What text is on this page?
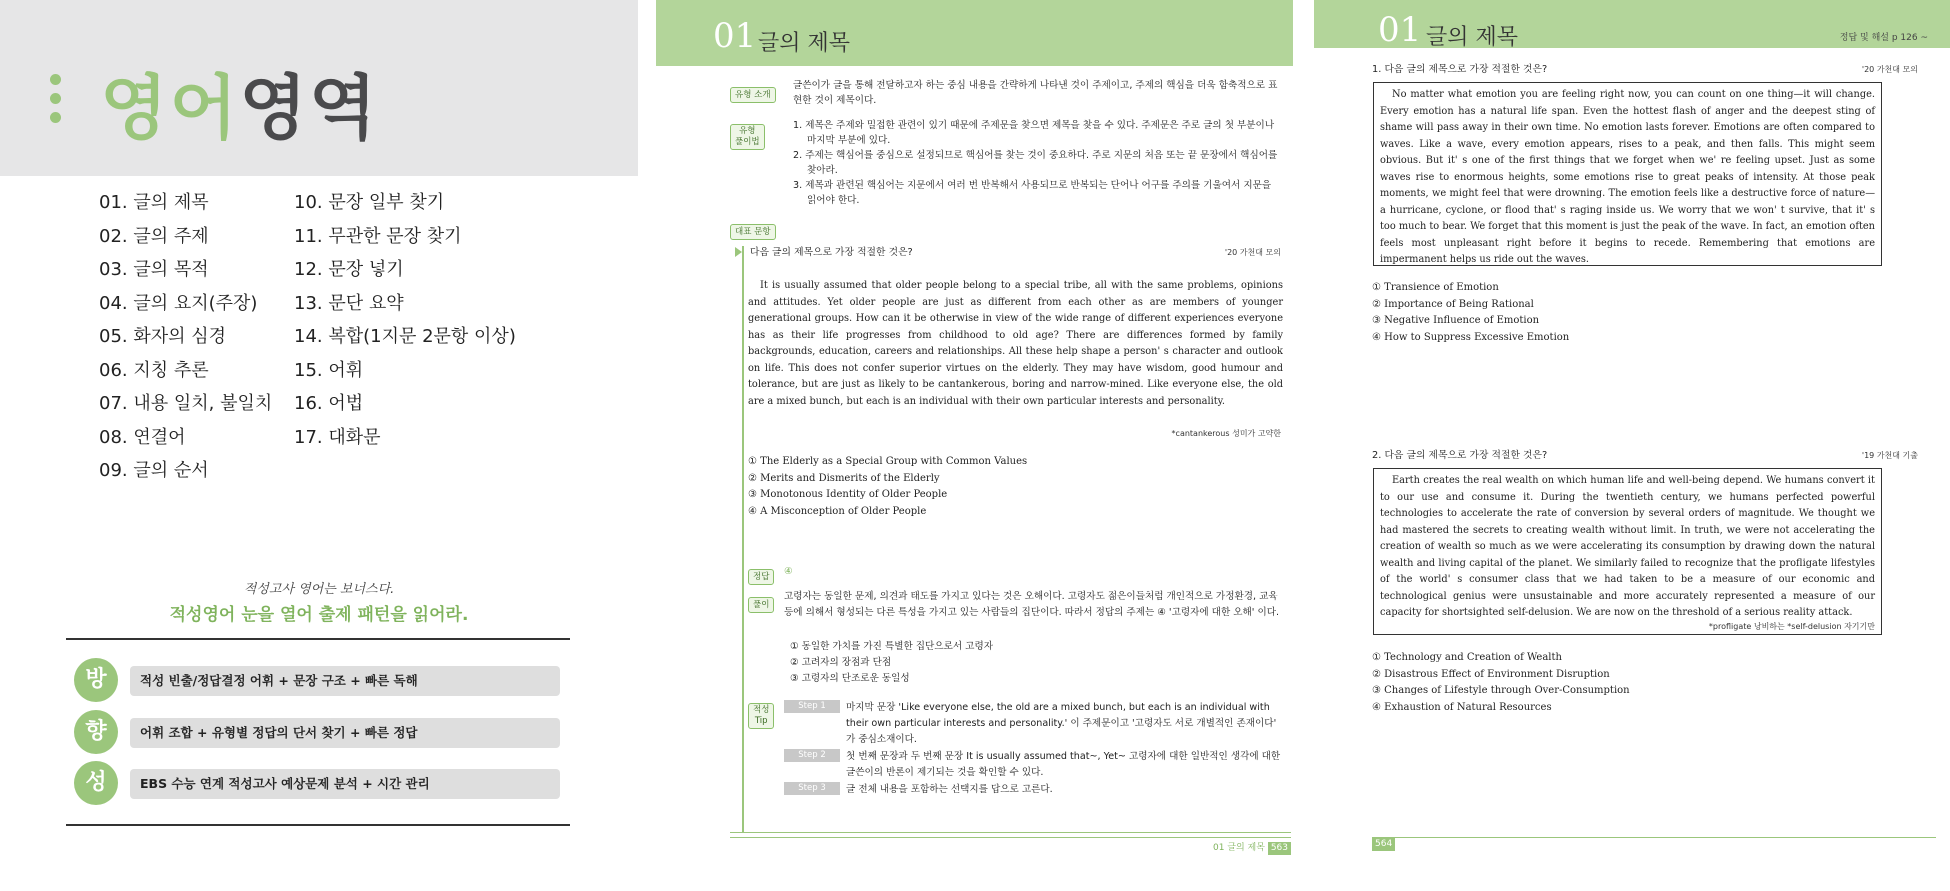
영어영역
01. 글의 제목
02. 글의 주제
03. 글의 목적
04. 글의 요지(주장)
05. 화자의 심경
06. 지칭 추론
07. 내용 일치, 불일치
08. 연결어
09. 글의 순서
10. 문장 일부 찾기
11. 무관한 문장 찾기
12. 문장 넣기
13. 문단 요약
14. 복합(1지문 2문항 이상)
15. 어휘
16. 어법
17. 대화문
적성고사 영어는 보너스다.
적성영어 눈을 열어 출제 패턴을 읽어라.
방	적성 빈출/정답결정 어휘 + 문장 구조 + 빠른 독해
향	어휘 조합 + 유형별 정답의 단서 찾기 + 빠른 정답
성	EBS 수능 연계 적성고사 예상문제 분석 + 시간 관리
01 글의 제목
유형 소개
글쓴이가 글을 통해 전달하고자 하는 중심 내용을 간략하게 나타낸 것이 주제이고, 주제의 핵심을 더욱 함축적으로 표현한 것이 제목이다.
유형
풀이법
1. 제목은 주제와 밀접한 관련이 있기 때문에 주제문을 찾으면 제목을 찾을 수 있다. 주제문은 주로 글의 첫 부분이나 마지막 부분에 있다.
2. 주제는 핵심어를 중심으로 설정되므로 핵심어를 찾는 것이 중요하다. 주로 지문의 처음 또는 끝 문장에서 핵심어를 찾아라.
3. 제목과 관련된 핵심어는 지문에서 여러 번 반복해서 사용되므로 반복되는 단어나 어구를 주의를 기울여서 지문을 읽어야 한다.
대표 문항
다음 글의 제목으로 가장 적절한 것은?	'20 가천대 모의
It is usually assumed that older people belong to a special tribe, all with the same problems, opinions and attitudes. Yet older people are just as different from each other as are members of younger generational groups. How can it be otherwise in view of the wide range of different experiences everyone has as their life progresses from childhood to old age? There are differences formed by family backgrounds, education, careers and relationships. All these help shape a person' s character and outlook on life. This does not confer superior virtues on the elderly. They may have wisdom, good humour and tolerance, but are just as likely to be cantankerous, boring and narrow-mined. Like everyone else, the old are a mixed bunch, but each is an individual with their own particular interests and personality.
*cantankerous 성미가 고약한
① The Elderly as a Special Group with Common Values
② Merits and Dismerits of the Elderly
③ Monotonous Identity of Older People
④ A Misconception of Older People
정답	④
풀이
고령자는 동일한 문제, 의견과 태도를 가지고 있다는 것은 오해이다. 고령자도 젊은이들처럼 개인적으로 가정환경, 교육 등에 의해서 형성되는 다른 특성을 가지고 있는 사람들의 집단이다. 따라서 정답의 주제는 ④ '고령자에 대한 오해' 이다.
① 동일한 가치를 가진 특별한 집단으로서 고령자
② 고려자의 장점과 단점
③ 고령자의 단조로운 동일성
적성
Tip
Step 1	마지막 문장 'Like everyone else, the old are a mixed bunch, but each is an individual with their own particular interests and personality.' 이 주제문이고 '고령자도 서로 개별적인 존재이다' 가 중심소재이다.
Step 2	첫 번째 문장과 두 번째 문장 It is usually assumed that~, Yet~ 고령자에 대한 일반적인 생각에 대한 글쓴이의 반론이 제기되는 것을 확인할 수 있다.
Step 3	글 전체 내용을 포함하는 선택지를 답으로 고른다.
01 글의 제목 563
01 글의 제목	정답 및 해설 p 126 ~
1. 다음 글의 제목으로 가장 적절한 것은?	'20 가천대 모의
No matter what emotion you are feeling right now, you can count on one thing—it will change. Every emotion has a natural life span. Even the hottest flash of anger and the deepest sting of shame will pass away in their own time. No emotion lasts forever. Emotions are often compared to waves. Like a wave, every emotion appears, rises to a peak, and then falls. This might seem obvious. But it' s one of the first things that we forget when we' re feeling upset. Just as some waves rise to enormous heights, some emotions rise to great peaks of intensity. At those peak moments, we might feel that were drowning. The emotion feels like a destructive force of nature—a hurricane, cyclone, or flood that' s raging inside us. We worry that we won' t survive, that it' s too much to bear. We forget that this moment is just the peak of the wave. In fact, an emotion often feels most unpleasant right before it begins to recede. Remembering that emotions are impermanent helps us ride out the waves.
① Transience of Emotion
② Importance of Being Rational
③ Negative Influence of Emotion
④ How to Suppress Excessive Emotion
2. 다음 글의 제목으로 가장 적절한 것은?	'19 가천대 기출
Earth creates the real wealth on which human life and well-being depend. We humans convert it to our use and consume it. During the twentieth century, we humans perfected powerful technologies to accelerate the rate of conversion by several orders of magnitude. We thought we had mastered the secrets to creating wealth without limit. In truth, we were not accelerating the creation of wealth so much as we were accelerating its consumption by drawing down the natural wealth and living capital of the planet. We similarly failed to recognize that the profligate lifestyles of the world' s consumer class that we had taken to be a measure of our economic and technological genius were unsustainable and more accurately represented a measure of our capacity for shortsighted self-delusion. We are now on the threshold of a serious reality attack.
*profligate 낭비하는 *self-delusion 자기기만
① Technology and Creation of Wealth
② Disastrous Effect of Environment Disruption
③ Changes of Lifestyle through Over-Consumption
④ Exhaustion of Natural Resources
564
